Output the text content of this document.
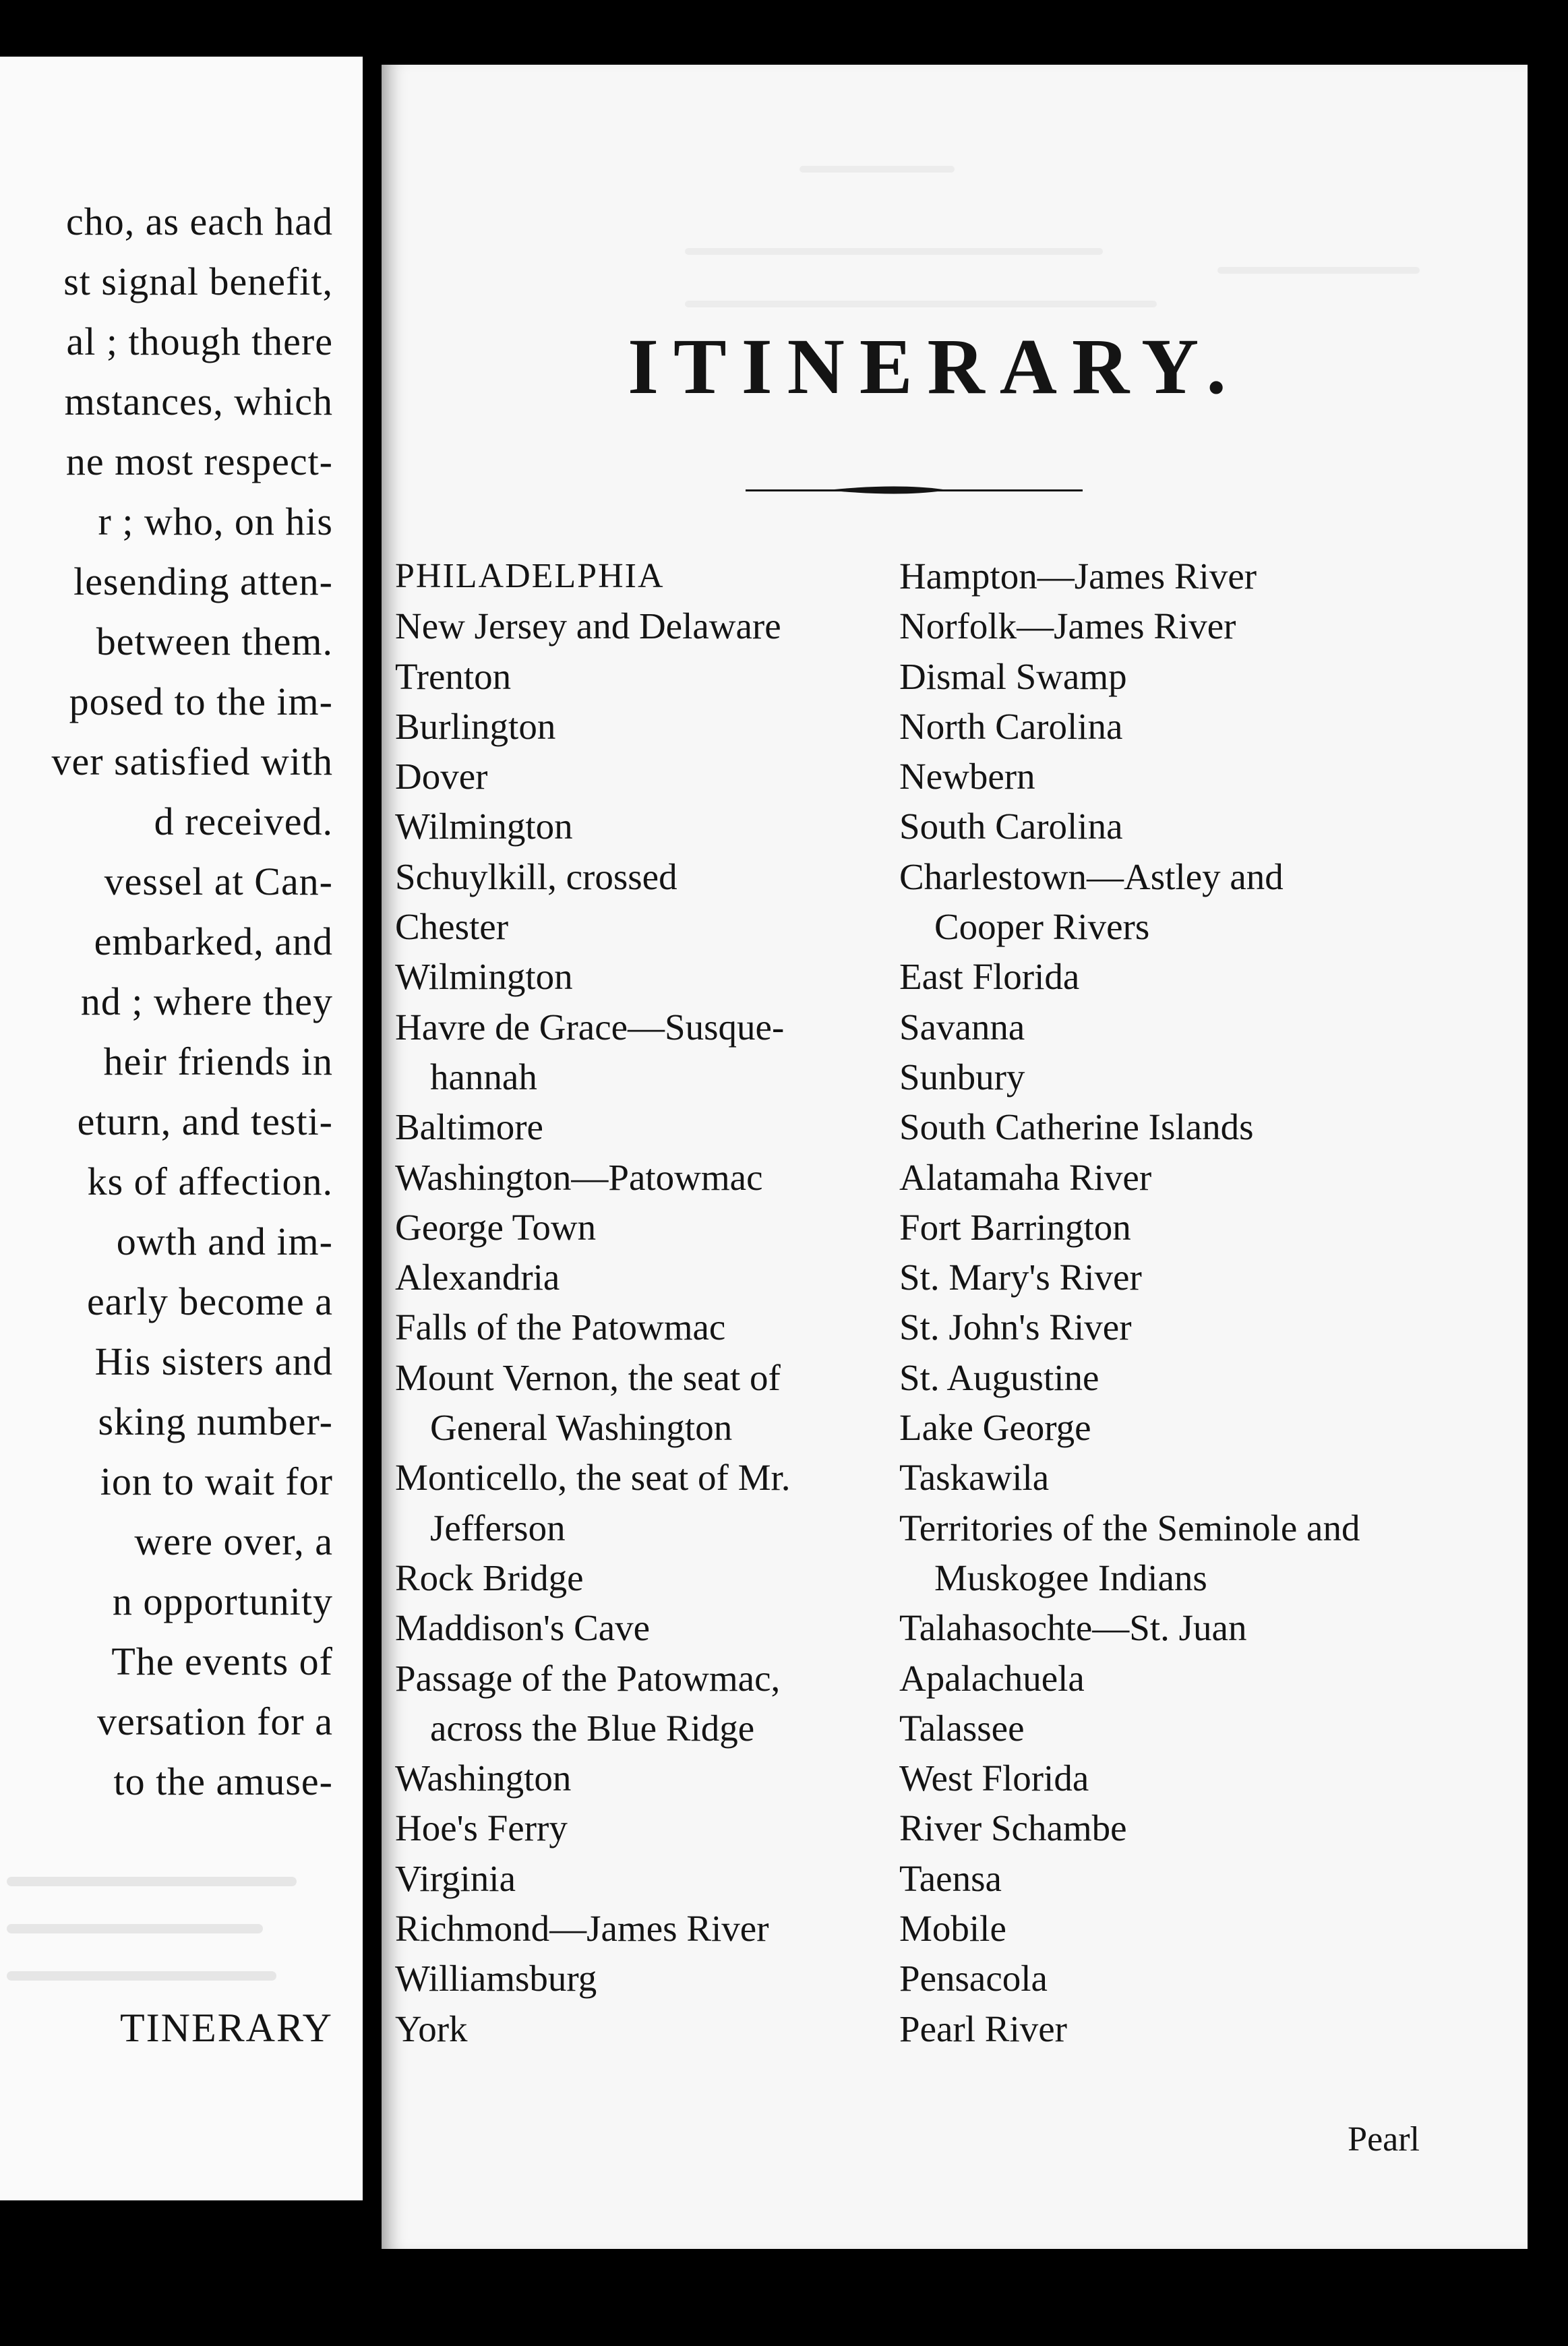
cho, as each had
st signal benefit,
al ; though there
mstances, which
ne most respect-
r ; who, on his
lesending atten-
between them.
posed to the im-
ver satisfied with
d received.
vessel at Can-
embarked, and
nd ; where they
heir friends in
eturn, and testi-
ks of affection.
owth and im-
early become a
His sisters and
sking number-
ion to wait for
were over, a
n opportunity
The events of
versation for a
to the amuse-
TINERARY
ITINERARY.
PHILADELPHIA
New Jersey and Delaware
Trenton
Burlington
Dover
Wilmington
Schuylkill, crossed
Chester
Wilmington
Havre de Grace—Susque-
hannah
Baltimore
Washington—Patowmac
George Town
Alexandria
Falls of the Patowmac
Mount Vernon, the seat of
General Washington
Monticello, the seat of Mr.
Jefferson
Rock Bridge
Maddison's Cave
Passage of the Patowmac,
across the Blue Ridge
Washington
Hoe's Ferry
Virginia
Richmond—James River
Williamsburg
York
Hampton—James River
Norfolk—James River
Dismal Swamp
North Carolina
Newbern
South Carolina
Charlestown—Astley and
Cooper Rivers
East Florida
Savanna
Sunbury
South Catherine Islands
Alatamaha River
Fort Barrington
St. Mary's River
St. John's River
St. Augustine
Lake George
Taskawila
Territories of the Seminole and
Muskogee Indians
Talahasochte—St. Juan
Apalachuela
Talassee
West Florida
River Schambe
Taensa
Mobile
Pensacola
Pearl River
Pearl
